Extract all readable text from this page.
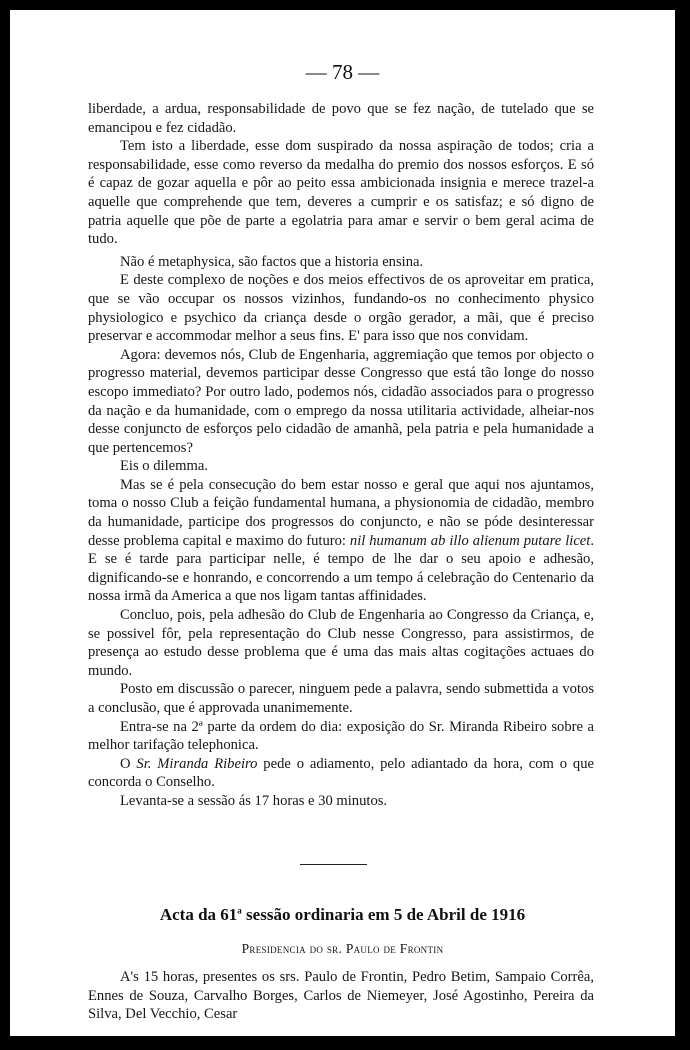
— 78 —

liberdade, a ardua, responsabilidade de povo que se fez nação, de tutelado que se emancipou e fez cidadão.

Tem isto a liberdade, esse dom suspirado da nossa aspiração de todos; cria a responsabilidade, esse como reverso da medalha do premio dos nossos esforços. E só é capaz de gozar aquella e pôr ao peito essa ambicionada insignia e merece trazel-a aquelle que comprehende que tem, deveres a cumprir e os satisfaz; e só digno de patria aquelle que põe de parte a egolatria para amar e servir o bem geral acima de tudo.

Não é metaphysica, são factos que a historia ensina.

E deste complexo de noções e dos meios effectivos de os aproveitar em pratica, que se vão occupar os nossos vizinhos, fundando-os no conhecimento physico physiologico e psychico da criança desde o orgão gerador, a mãi, que é preciso preservar e accommodar melhor a seus fins. E' para isso que nos convidam.

Agora: devemos nós, Club de Engenharia, aggremiação que temos por objecto o progresso material, devemos participar desse Congresso que está tão longe do nosso escopo immediato? Por outro lado, podemos nós, cidadão associados para o progresso da nação e da humanidade, com o emprego da nossa utilitaria actividade, alheiar-nos desse conjuncto de esforços pelo cidadão de amanhã, pela patria e pela humanidade a que pertencemos?

Eis o dilemma.

Mas se é pela consecução do bem estar nosso e geral que aqui nos ajuntamos, toma o nosso Club a feição fundamental humana, a physionomia de cidadão, membro da humanidade, participe dos progressos do conjuncto, e não se póde desinteressar desse problema capital e maximo do futuro: nil humanum ab illo alienum putare licet. E se é tarde para participar nelle, é tempo de lhe dar o seu apoio e adhesão, dignificando-se e honrando, e concorrendo a um tempo á celebração do Centenario da nossa irmã da America a que nos ligam tantas affinidades.

Concluo, pois, pela adhesão do Club de Engenharia ao Congresso da Criança, e, se possivel fôr, pela representação do Club nesse Congresso, para assistirmos, de presença ao estudo desse problema que é uma das mais altas cogitações actuaes do mundo.

Posto em discussão o parecer, ninguem pede a palavra, sendo submettida a votos a conclusão, que é approvada unanimemente.

Entra-se na 2ª parte da ordem do dia: exposição do Sr. Miranda Ribeiro sobre a melhor tarifação telephonica.

O Sr. Miranda Ribeiro pede o adiamento, pelo adiantado da hora, com o que concorda o Conselho.

Levanta-se a sessão ás 17 horas e 30 minutos.

Acta da 61$^a$ sessão ordinaria em 5 de Abril de 1916
Presidencia do sr. Paulo de Frontin

A's 15 horas, presentes os srs. Paulo de Frontin, Pedro Betim, Sampaio Corrêa, Ennes de Souza, Carvalho Borges, Carlos de Niemeyer, José Agostinho, Pereira da Silva, Del Vecchio, Cesar
